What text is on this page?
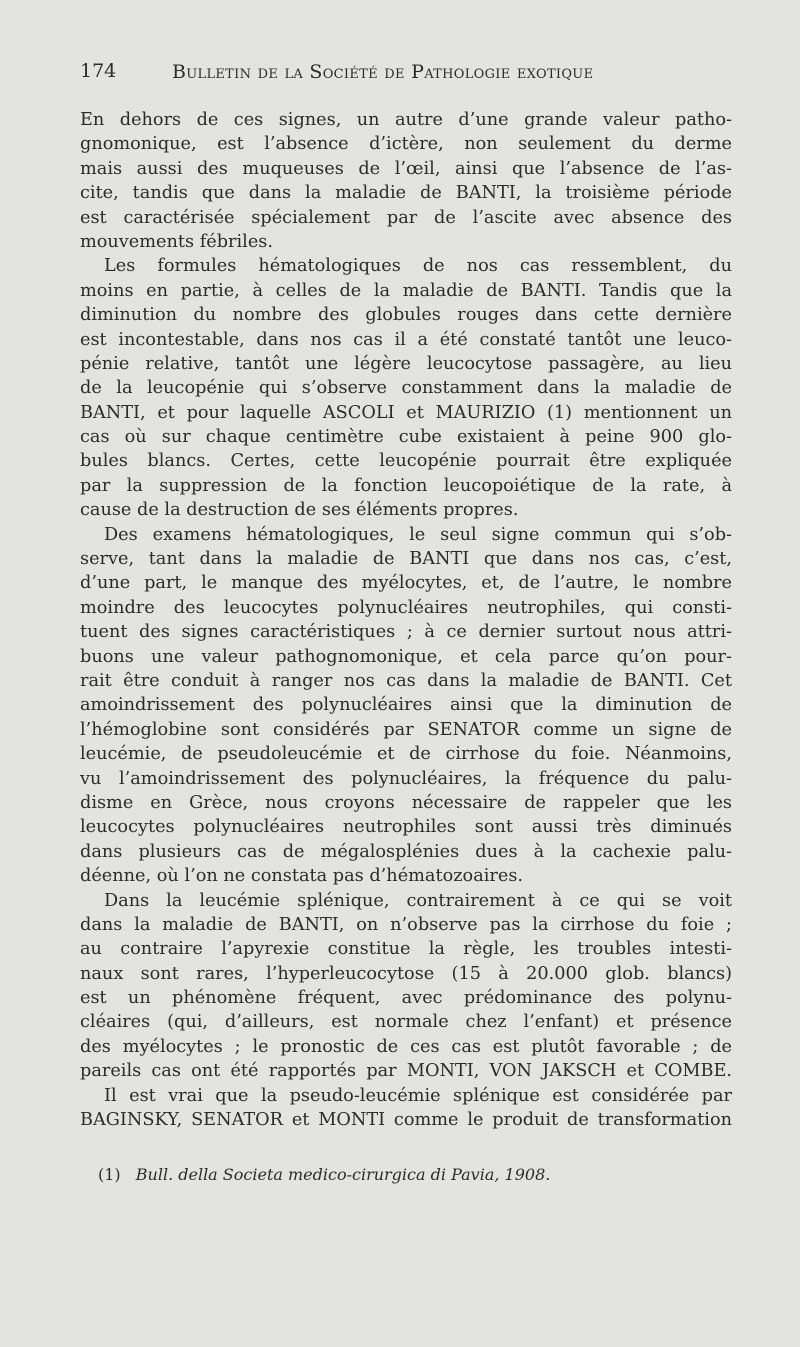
174	Bulletin de la Société de Pathologie exotique
En dehors de ces signes, un autre d’une grande valeur patho-
gnomonique, est l’absence d’ictère, non seulement du derme
mais aussi des muqueuses de l’œil, ainsi que l’absence de l’as-
cite, tandis que dans la maladie de BANTI, la troisième période
est caractérisée spécialement par de l’ascite avec absence des
mouvements fébriles.
Les formules hématologiques de nos cas ressemblent, du
moins en partie, à celles de la maladie de BANTI. Tandis que la
diminution du nombre des globules rouges dans cette dernière
est incontestable, dans nos cas il a été constaté tantôt une leuco-
pénie relative, tantôt une légère leucocytose passagère, au lieu
de la leucopénie qui s’observe constamment dans la maladie de
BANTI, et pour laquelle ASCOLI et MAURIZIO (1) mentionnent un
cas où sur chaque centimètre cube existaient à peine 900 glo-
bules blancs. Certes, cette leucopénie pourrait être expliquée
par la suppression de la fonction leucopoiétique de la rate, à
cause de la destruction de ses éléments propres.
Des examens hématologiques, le seul signe commun qui s’ob-
serve, tant dans la maladie de BANTI que dans nos cas, c’est,
d’une part, le manque des myélocytes, et, de l’autre, le nombre
moindre des leucocytes polynucléaires neutrophiles, qui consti-
tuent des signes caractéristiques ; à ce dernier surtout nous attri-
buons une valeur pathognomonique, et cela parce qu’on pour-
rait être conduit à ranger nos cas dans la maladie de BANTI. Cet
amoindrissement des polynucléaires ainsi que la diminution de
l’hémoglobine sont considérés par SENATOR comme un signe de
leucémie, de pseudoleucémie et de cirrhose du foie. Néanmoins,
vu l’amoindrissement des polynucléaires, la fréquence du palu-
disme en Grèce, nous croyons nécessaire de rappeler que les
leucocytes polynucléaires neutrophiles sont aussi très diminués
dans plusieurs cas de mégalosplénies dues à la cachexie palu-
déenne, où l’on ne constata pas d’hématozoaires.
Dans la leucémie splénique, contrairement à ce qui se voit
dans la maladie de BANTI, on n’observe pas la cirrhose du foie ;
au contraire l’apyrexie constitue la règle, les troubles intesti-
naux sont rares, l’hyperleucocytose (15 à 20.000 glob. blancs)
est un phénomène fréquent, avec prédominance des polynu-
cléaires (qui, d’ailleurs, est normale chez l’enfant) et présence
des myélocytes ; le pronostic de ces cas est plutôt favorable ; de
pareils cas ont été rapportés par MONTI, VON JAKSCH et COMBE.
Il est vrai que la pseudo-leucémie splénique est considérée par
BAGINSKY, SENATOR et MONTI comme le produit de transformation
(1) Bull. della Societa medico-cirurgica di Pavia, 1908.
